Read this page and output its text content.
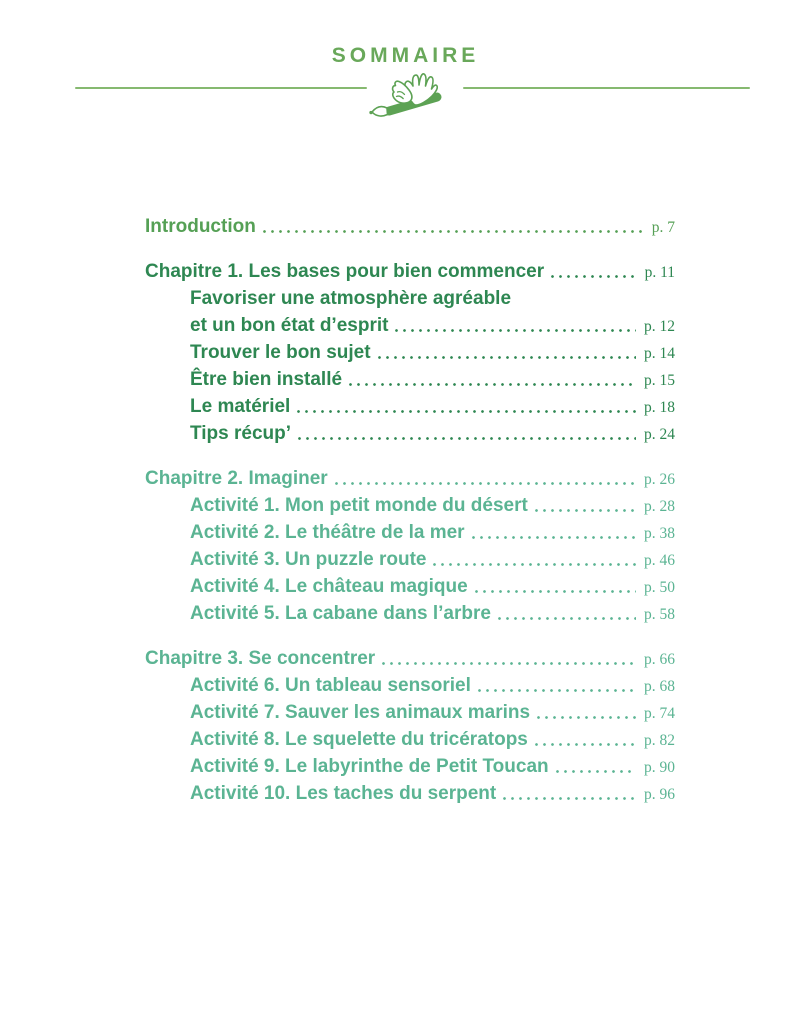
SOMMAIRE
Introduction	p. 7
Chapitre 1. Les bases pour bien commencer	p. 11
Favoriser une atmosphère agréable
et un bon état d’esprit	p. 12
Trouver le bon sujet	p. 14
Être bien installé	p. 15
Le matériel	p. 18
Tips récup’	p. 24
Chapitre 2. Imaginer	p. 26
Activité 1. Mon petit monde du désert	p. 28
Activité 2. Le théâtre de la mer	p. 38
Activité 3. Un puzzle route	p. 46
Activité 4. Le château magique	p. 50
Activité 5. La cabane dans l’arbre	p. 58
Chapitre 3. Se concentrer	p. 66
Activité 6. Un tableau sensoriel	p. 68
Activité 7. Sauver les animaux marins	p. 74
Activité 8. Le squelette du tricératops	p. 82
Activité 9. Le labyrinthe de Petit Toucan	p. 90
Activité 10. Les taches du serpent	p. 96
